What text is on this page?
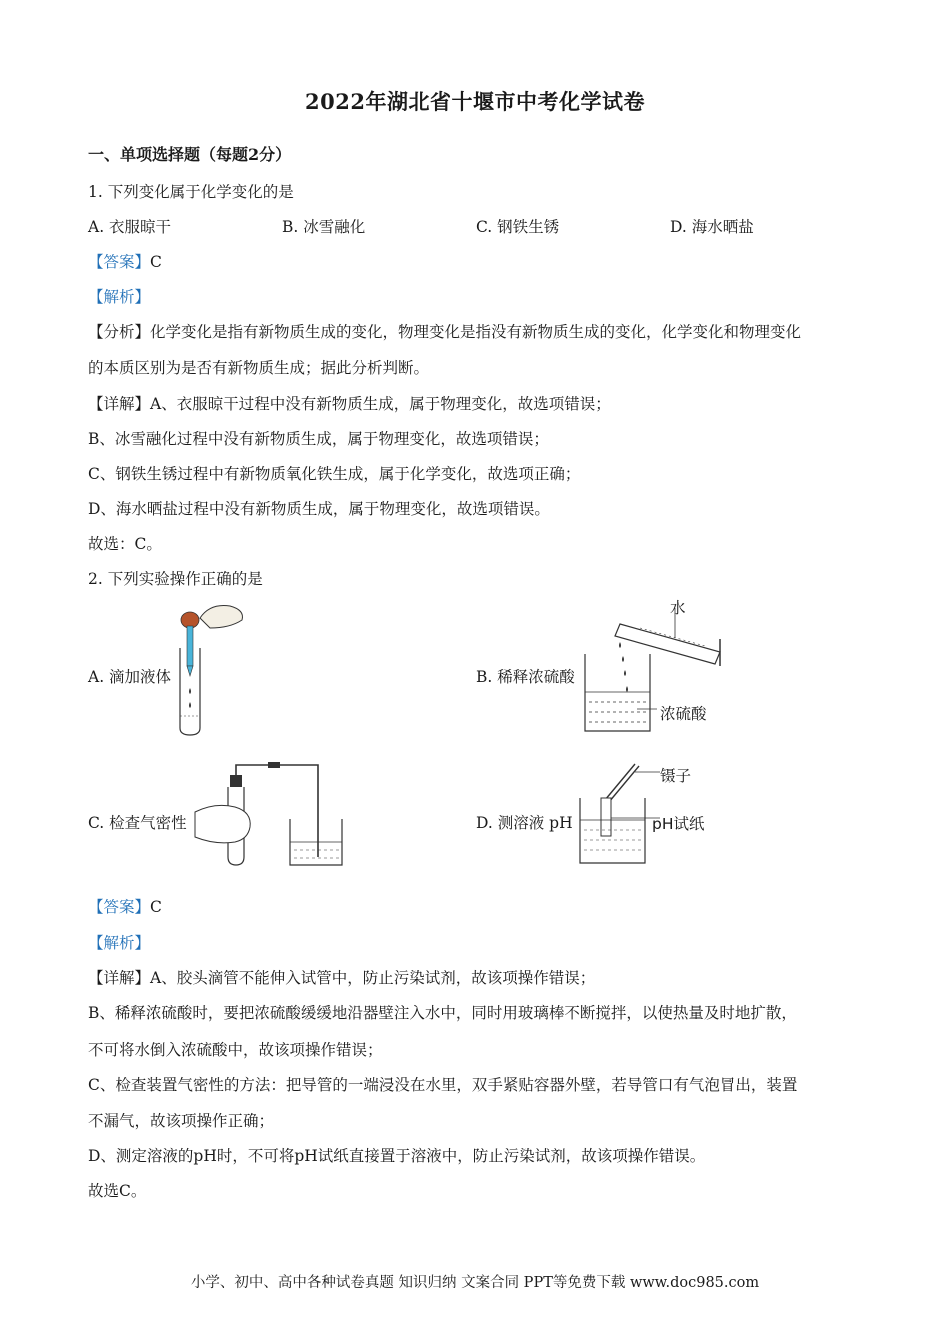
2022年湖北省十堰市中考化学试卷
一、单项选择题（每题2分）
1. 下列变化属于化学变化的是
A. 衣服晾干	B. 冰雪融化	C. 钢铁生锈	D. 海水晒盐
【答案】C
【解析】
【分析】化学变化是指有新物质生成的变化，物理变化是指没有新物质生成的变化，化学变化和物理变化
的本质区别为是否有新物质生成；据此分析判断。
【详解】A、衣服晾干过程中没有新物质生成，属于物理变化，故选项错误；
B、冰雪融化过程中没有新物质生成，属于物理变化，故选项错误；
C、钢铁生锈过程中有新物质氧化铁生成，属于化学变化，故选项正确；
D、海水晒盐过程中没有新物质生成，属于物理变化，故选项错误。
故选：C。
2. 下列实验操作正确的是
A. 滴加液体	B. 稀释浓硫酸
水
浓硫酸
C. 检查气密性	D. 测溶液 pH
镊子
pH试纸
【答案】C
【解析】
【详解】A、胶头滴管不能伸入试管中，防止污染试剂，故该项操作错误；
B、稀释浓硫酸时，要把浓硫酸缓缓地沿器壁注入水中，同时用玻璃棒不断搅拌，以使热量及时地扩散，
不可将水倒入浓硫酸中，故该项操作错误；
C、检查装置气密性的方法：把导管的一端浸没在水里，双手紧贴容器外壁，若导管口有气泡冒出，装置
不漏气，故该项操作正确；
D、测定溶液的pH时，不可将pH试纸直接置于溶液中，防止污染试剂，故该项操作错误。
故选C。
小学、初中、高中各种试卷真题 知识归纳 文案合同 PPT等免费下载 www.doc985.com
